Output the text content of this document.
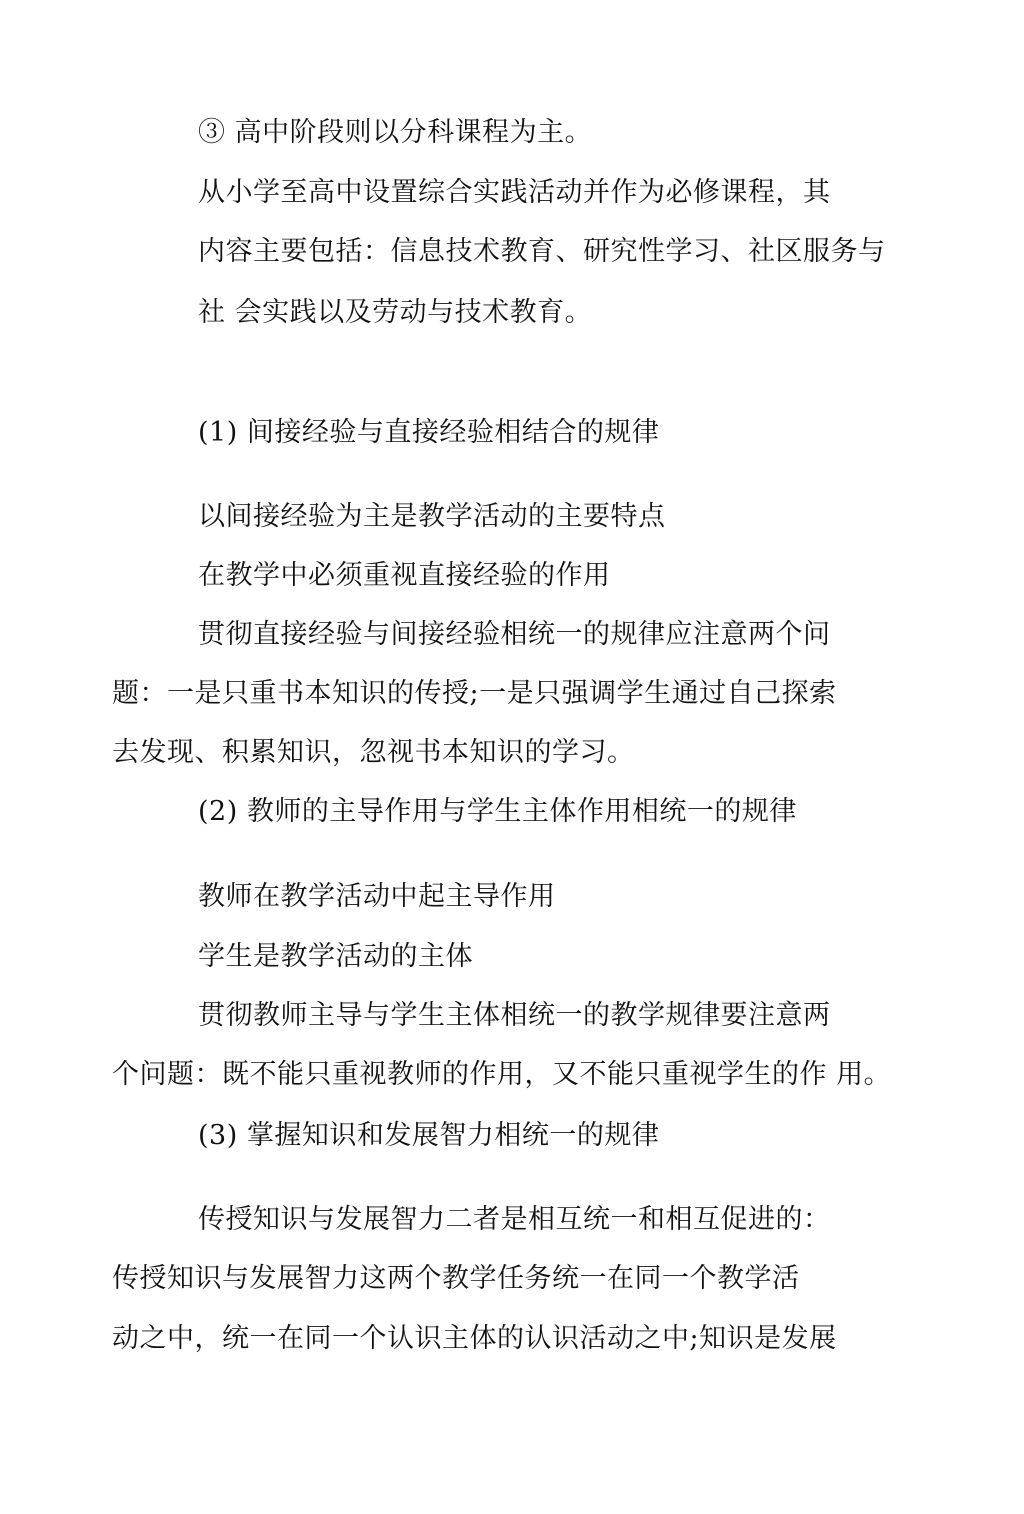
③ 高中阶段则以分科课程为主。
从小学至高中设置综合实践活动并作为必修课程，其
内容主要包括：信息技术教育、研究性学习、社区服务与
社 会实践以及劳动与技术教育。
(1) 间接经验与直接经验相结合的规律
以间接经验为主是教学活动的主要特点
在教学中必须重视直接经验的作用
贯彻直接经验与间接经验相统一的规律应注意两个问
题：一是只重书本知识的传授;一是只强调学生通过自己探索
去发现、积累知识，忽视书本知识的学习。
(2) 教师的主导作用与学生主体作用相统一的规律
教师在教学活动中起主导作用
学生是教学活动的主体
贯彻教师主导与学生主体相统一的教学规律要注意两
个问题：既不能只重视教师的作用，又不能只重视学生的作 用。
(3) 掌握知识和发展智力相统一的规律
传授知识与发展智力二者是相互统一和相互促进的：
传授知识与发展智力这两个教学任务统一在同一个教学活
动之中，统一在同一个认识主体的认识活动之中;知识是发展
